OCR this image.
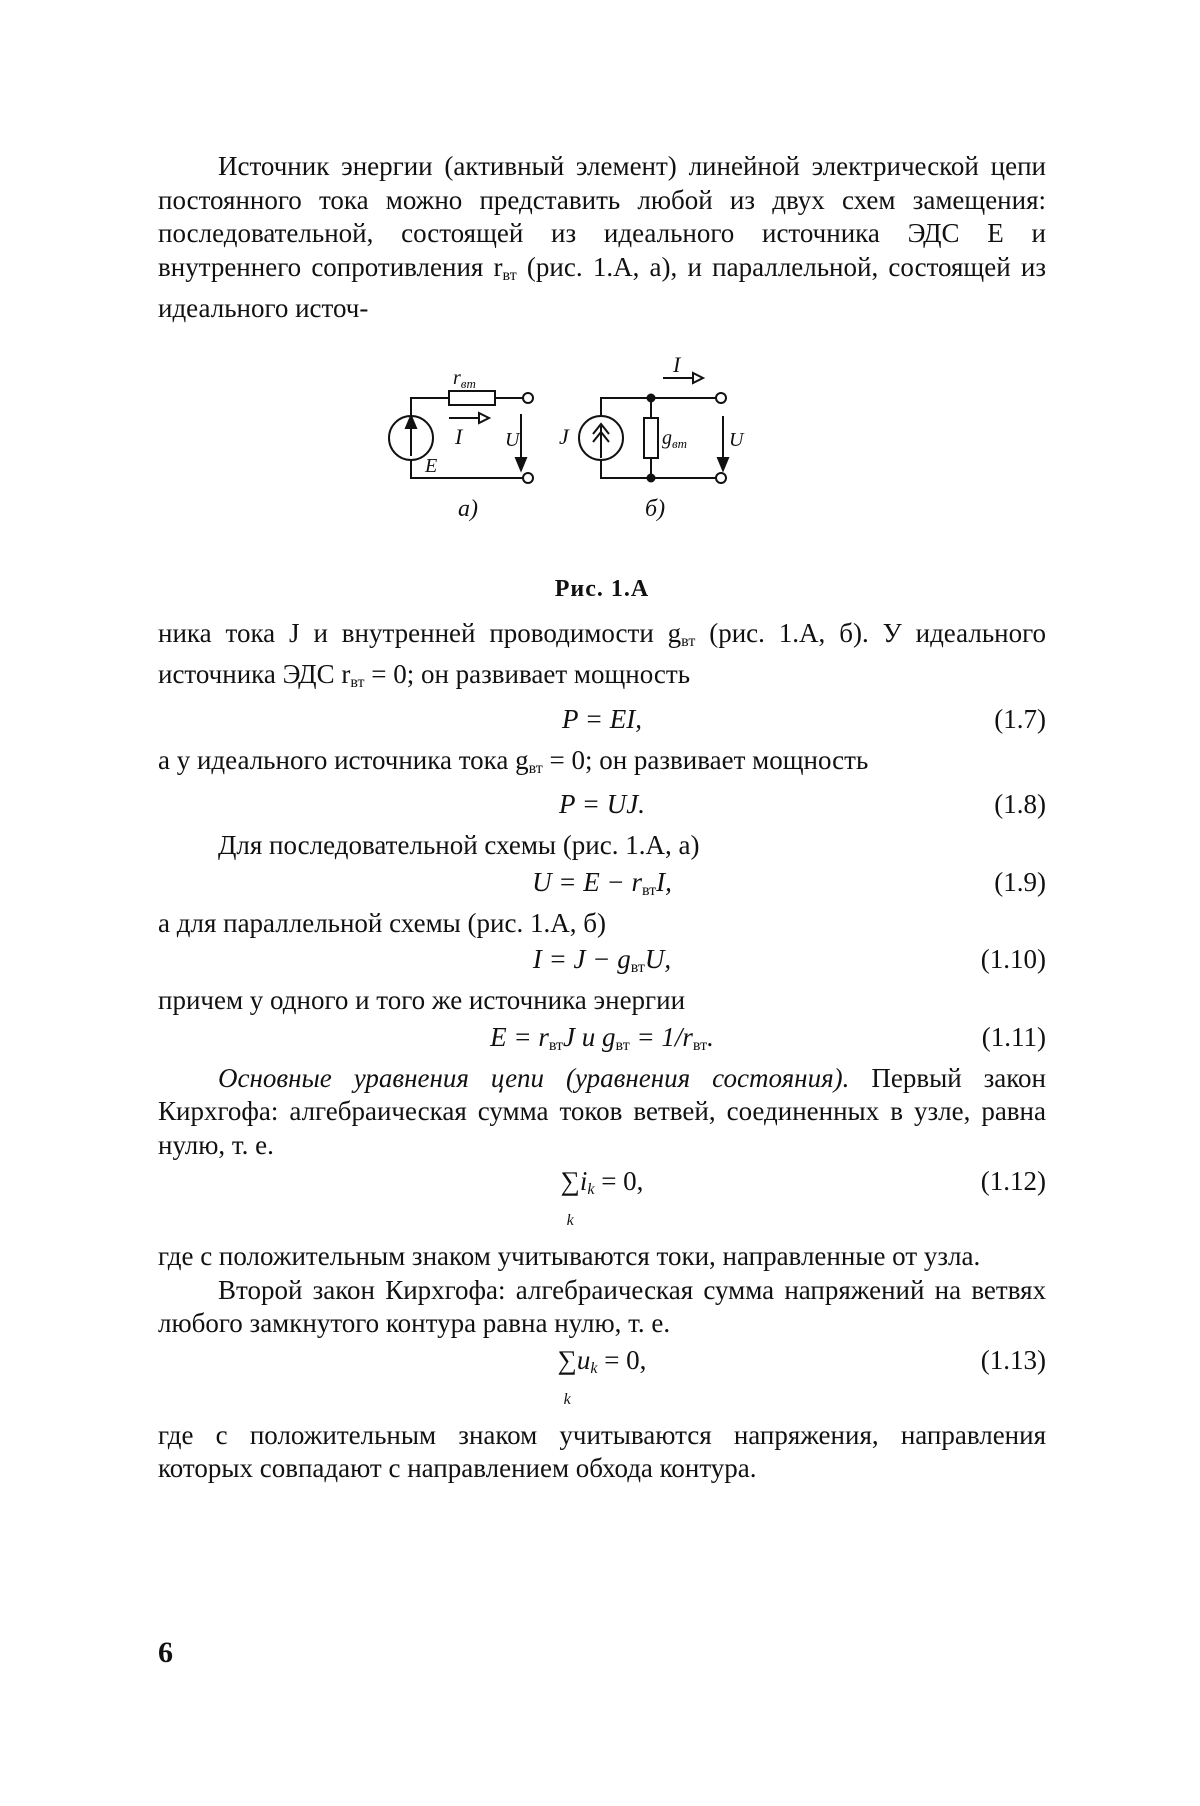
Источник энергии (активный элемент) линейной электрической цепи постоянного тока можно представить любой из двух схем замещения: последовательной, состоящей из идеального источника ЭДС E и внутреннего сопротивления $r_{вт}$ (рис. 1.А, а), и параллельной, состоящей из идеального источ-

$r_{вт}$
I U
E
J	$g_{вт}$
I
U
а)	б)

Рис. 1.А

ника тока J и внутренней проводимости $g_{вт}$ (рис. 1.А, б). У идеального источника ЭДС $r_{вт} = 0$; он развивает мощность

P = EI,	(1.7)

а у идеального источника тока $g_{вт} = 0$; он развивает мощность

P = UJ.	(1.8)

Для последовательной схемы (рис. 1.А, а)

$U = E - r_{вт}I$,	(1.9)

а для параллельной схемы (рис. 1.А, б)

$I = J - g_{вт}U$,	(1.10)

причем у одного и того же источника энергии

$E = r_{вт}J$ и $g_{вт} = 1/r_{вт}$.	(1.11)

Основные уравнения цепи (уравнения состояния). Первый закон Кирхгофа: алгебраическая сумма токов ветвей, соединенных в узле, равна нулю, т. е.

∑
$_ki_k = 0$,	(1.12)

где с положительным знаком учитываются токи, направленные от узла.

Второй закон Кирхгофа: алгебраическая сумма напряжений на ветвях любого замкнутого контура равна нулю, т. е.

∑
$_ku_k = 0$,	(1.13)

где с положительным знаком учитываются напряжения, направления которых совпадают с направлением обхода контура.

6
